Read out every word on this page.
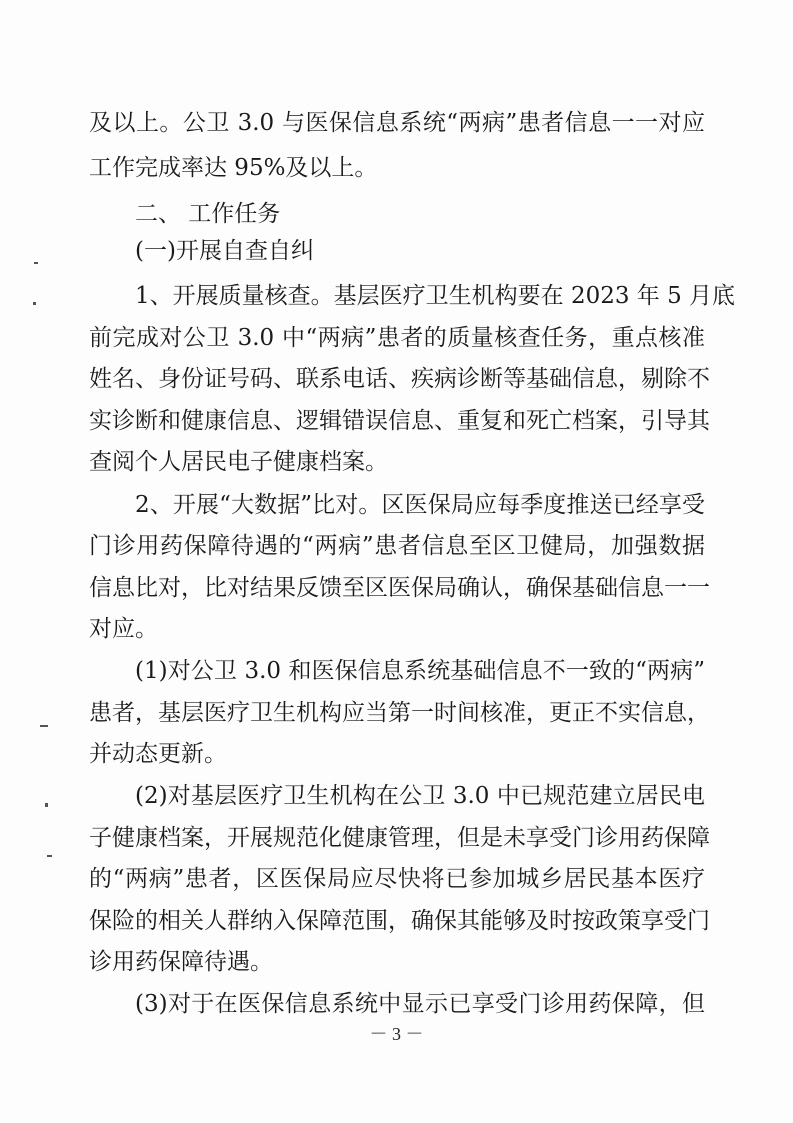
及以上。公卫 3.0 与医保信息系统“两病”患者信息一一对应
工作完成率达 95%及以上。
二、 工作任务
(一)开展自查自纠
1、开展质量核查。基层医疗卫生机构要在 2023 年 5 月底
前完成对公卫 3.0 中“两病”患者的质量核查任务，重点核准
姓名、身份证号码、联系电话、疾病诊断等基础信息，剔除不
实诊断和健康信息、逻辑错误信息、重复和死亡档案，引导其
查阅个人居民电子健康档案。
2、开展“大数据”比对。区医保局应每季度推送已经享受
门诊用药保障待遇的“两病”患者信息至区卫健局，加强数据
信息比对，比对结果反馈至区医保局确认，确保基础信息一一
对应。
(1)对公卫 3.0 和医保信息系统基础信息不一致的“两病”
患者，基层医疗卫生机构应当第一时间核准，更正不实信息，
并动态更新。
(2)对基层医疗卫生机构在公卫 3.0 中已规范建立居民电
子健康档案，开展规范化健康管理，但是未享受门诊用药保障
的“两病”患者，区医保局应尽快将已参加城乡居民基本医疗
保险的相关人群纳入保障范围，确保其能够及时按政策享受门
诊用药保障待遇。
(3)对于在医保信息系统中显示已享受门诊用药保障，但
－ 3 －
